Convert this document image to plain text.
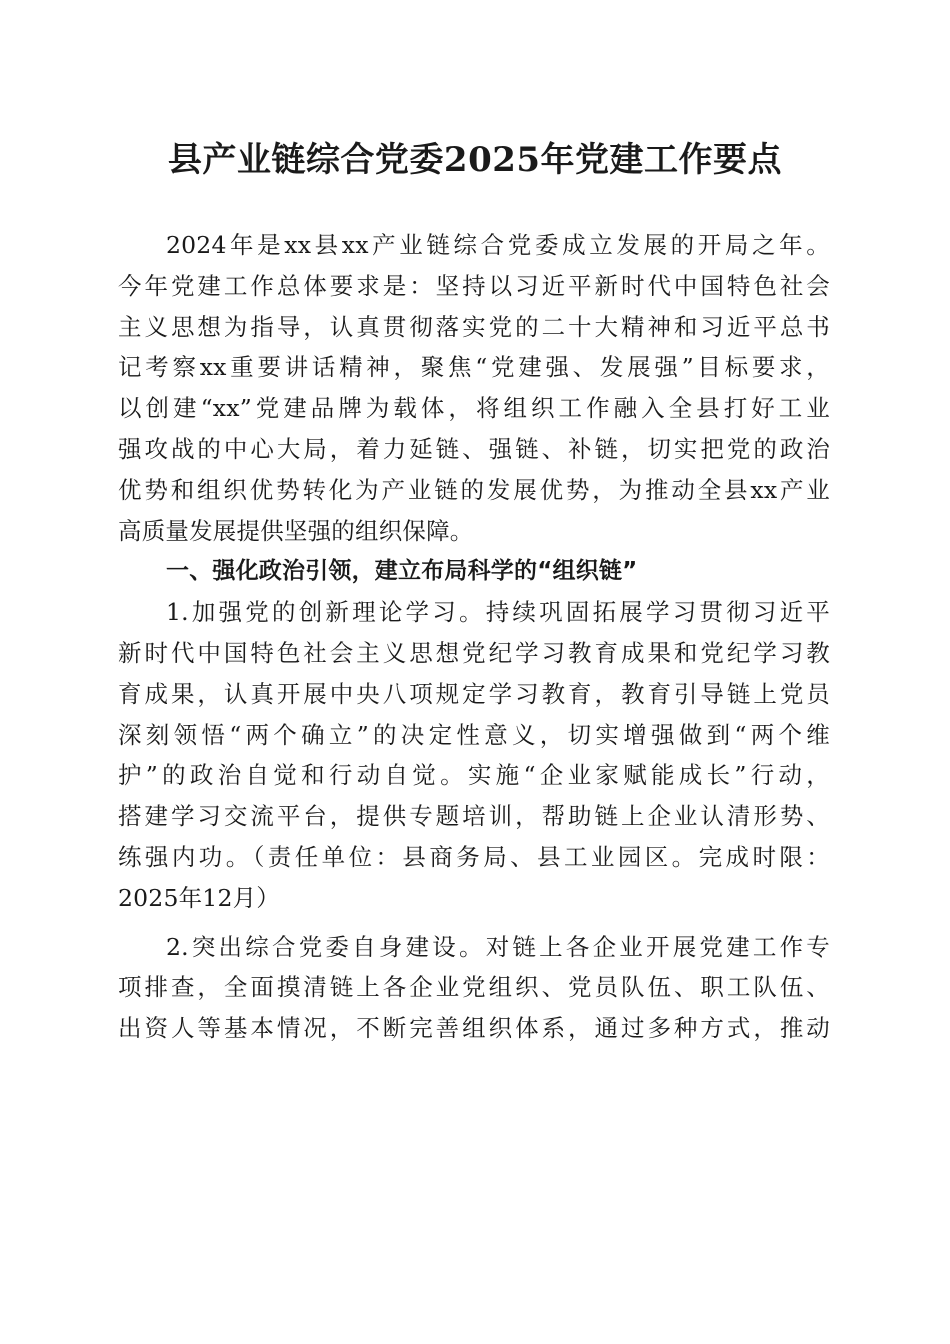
县产业链综合党委2025年党建工作要点
2024年是xx县xx产业链综合党委成立发展的开局之年。
今年党建工作总体要求是：坚持以习近平新时代中国特色社会
主义思想为指导，认真贯彻落实党的二十大精神和习近平总书
记考察xx重要讲话精神，聚焦“党建强、发展强”目标要求，
以创建“xx”党建品牌为载体，将组织工作融入全县打好工业
强攻战的中心大局，着力延链、强链、补链，切实把党的政治
优势和组织优势转化为产业链的发展优势，为推动全县xx产业
高质量发展提供坚强的组织保障。
一、强化政治引领，建立布局科学的“组织链”
1.加强党的创新理论学习。持续巩固拓展学习贯彻习近平
新时代中国特色社会主义思想党纪学习教育成果和党纪学习教
育成果，认真开展中央八项规定学习教育，教育引导链上党员
深刻领悟“两个确立”的决定性意义，切实增强做到“两个维
护”的政治自觉和行动自觉。实施“企业家赋能成长”行动，
搭建学习交流平台，提供专题培训，帮助链上企业认清形势、
练强内功。（责任单位：县商务局、县工业园区。完成时限：
2025年12月）
2.突出综合党委自身建设。对链上各企业开展党建工作专
项排查，全面摸清链上各企业党组织、党员队伍、职工队伍、
出资人等基本情况，不断完善组织体系，通过多种方式，推动
